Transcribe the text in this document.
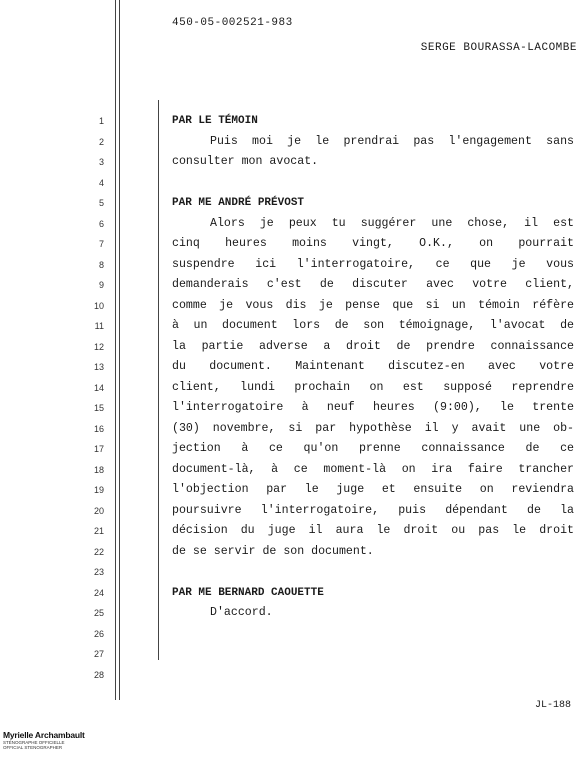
450-05-002521-983
SERGE BOURASSA-LACOMBE
1
2
3
4
5
6
7
8
9
10
11
12
13
14
15
16
17
18
19
20
21
22
23
24
25
26
27
28
PAR LE TÉMOIN
Puis moi je le prendrai pas l'engagement sans
consulter mon avocat.
PAR ME ANDRÉ PRÉVOST
Alors je peux tu suggérer une chose, il est
cinq heures moins vingt, O.K., on pourrait
suspendre ici l'interrogatoire, ce que je vous
demanderais c'est de discuter avec votre client,
comme je vous dis je pense que si un témoin réfère
à un document lors de son témoignage, l'avocat de
la partie adverse a droit de prendre connaissance
du document. Maintenant discutez-en avec votre
client, lundi prochain on est supposé reprendre
l'interrogatoire à neuf heures (9:00), le trente
(30) novembre, si par hypothèse il y avait une ob-
jection à ce qu'on prenne connaissance de ce
document-là, à ce moment-là on ira faire trancher
l'objection par le juge et ensuite on reviendra
poursuivre l'interrogatoire, puis dépendant de la
décision du juge il aura le droit ou pas le droit
de se servir de son document.
PAR ME BERNARD CAOUETTE
D'accord.
JL-188
Myrielle Archambault
STÉNOGRAPHE OFFICIELLE
OFFICIAL STENOGRAPHER
